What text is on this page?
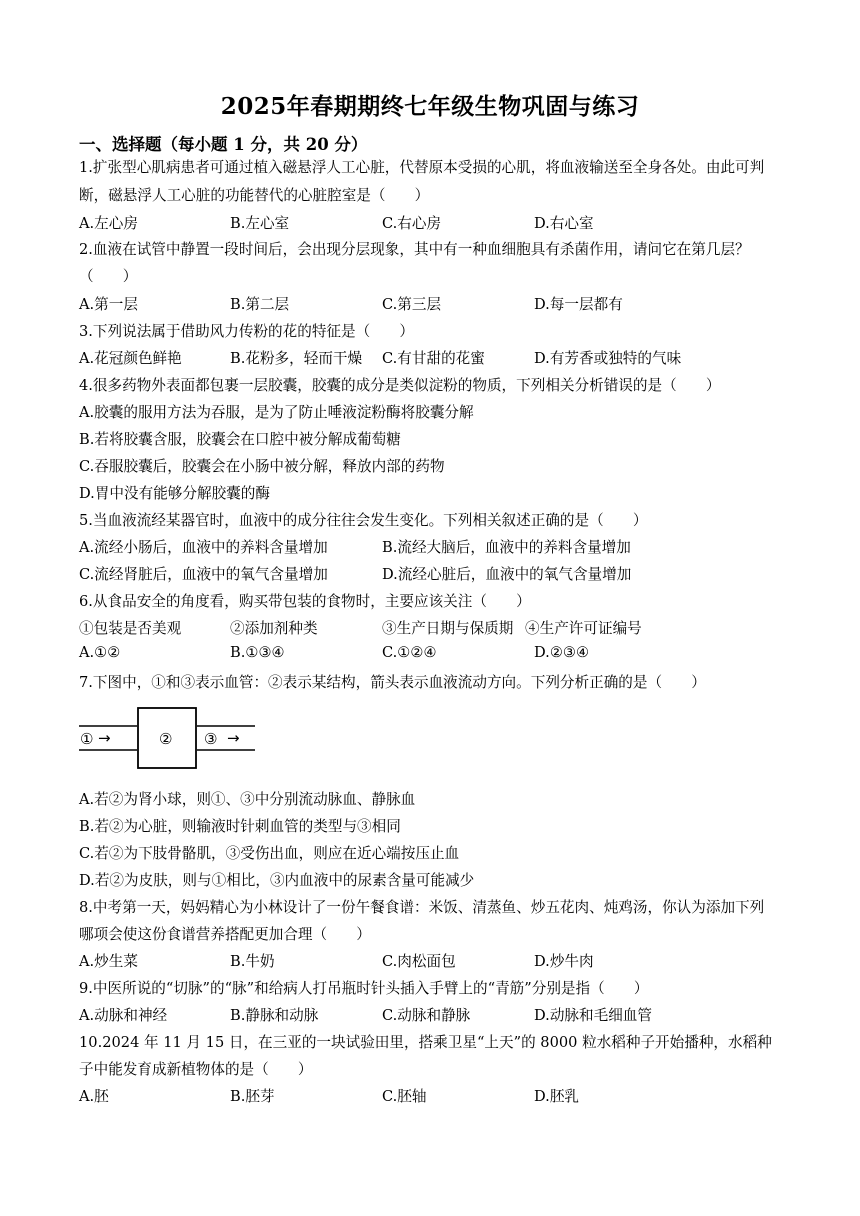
2025年春期期终七年级生物巩固与练习
一、选择题（每小题 1 分，共 20 分）
1.扩张型心肌病患者可通过植入磁悬浮人工心脏，代替原本受损的心肌，将血液输送至全身各处。由此可判
断，磁悬浮人工心脏的功能替代的心脏腔室是（　　）
A.左心房	B.左心室	C.右心房	D.右心室
2.血液在试管中静置一段时间后，会出现分层现象，其中有一种血细胞具有杀菌作用，请问它在第几层？
（　　）
A.第一层	B.第二层	C.第三层	D.每一层都有
3.下列说法属于借助风力传粉的花的特征是（　　）
A.花冠颜色鲜艳	B.花粉多，轻而干燥 C.有甘甜的花蜜	D.有芳香或独特的气味
4.很多药物外表面都包裹一层胶囊，胶囊的成分是类似淀粉的物质，下列相关分析错误的是（　　）
A.胶囊的服用方法为吞服，是为了防止唾液淀粉酶将胶囊分解
B.若将胶囊含服，胶囊会在口腔中被分解成葡萄糖
C.吞服胶囊后，胶囊会在小肠中被分解，释放内部的药物
D.胃中没有能够分解胶囊的酶
5.当血液流经某器官时，血液中的成分往往会发生变化。下列相关叙述正确的是（　　）
A.流经小肠后，血液中的养料含量增加	B.流经大脑后，血液中的养料含量增加
C.流经肾脏后，血液中的氧气含量增加	D.流经心脏后，血液中的氧气含量增加
6.从食品安全的角度看，购买带包装的食物时，主要应该关注（　　）
①包装是否美观	②添加剂种类	③生产日期与保质期 ④生产许可证编号
A.①②	B.①③④	C.①②④	D.②③④
7.下图中，①和③表示血管：②表示某结构，箭头表示血液流动方向。下列分析正确的是（　　）
① →	② ③ →
A.若②为肾小球，则①、③中分别流动脉血、静脉血
B.若②为心脏，则输液时针刺血管的类型与③相同
C.若②为下肢骨骼肌，③受伤出血，则应在近心端按压止血
D.若②为皮肤，则与①相比，③内血液中的尿素含量可能减少
8.中考第一天，妈妈精心为小林设计了一份午餐食谱：米饭、清蒸鱼、炒五花肉、炖鸡汤，你认为添加下列
哪项会使这份食谱营养搭配更加合理（　　）
A.炒生菜	B.牛奶	C.肉松面包	D.炒牛肉
9.中医所说的“切脉”的“脉”和给病人打吊瓶时针头插入手臂上的“青筋”分别是指（　　）
A.动脉和神经	B.静脉和动脉	C.动脉和静脉	D.动脉和毛细血管
10.2024 年 11 月 15 日，在三亚的一块试验田里，搭乘卫星“上天”的 8000 粒水稻种子开始播种，水稻种
子中能发育成新植物体的是（　　）
A.胚	B.胚芽	C.胚轴	D.胚乳
